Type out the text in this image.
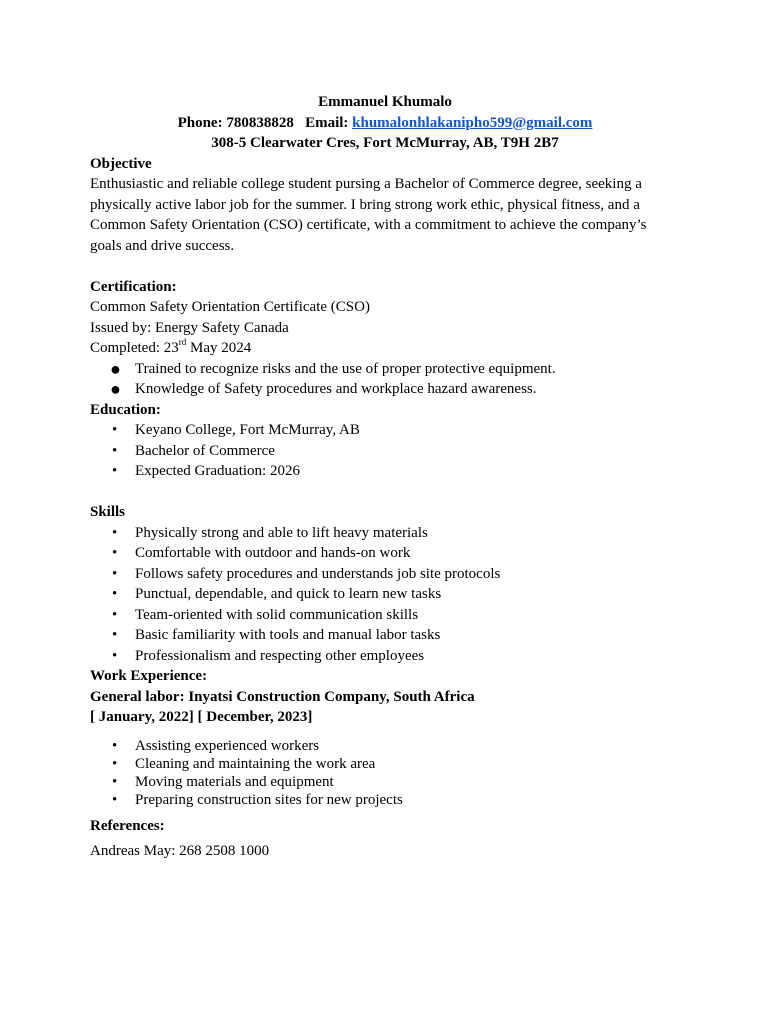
Emmanuel Khumalo

Phone: 780838828 Email: khumalonhlakanipho599@gmail.com

308-5 Clearwater Cres, Fort McMurray, AB, T9H 2B7

Objective

Enthusiastic and reliable college student pursing a Bachelor of Commerce degree, seeking a physically active labor job for the summer. I bring strong work ethic, physical fitness, and a Common Safety Orientation (CSO) certificate, with a commitment to achieve the company’s goals and drive success.

Certification:

Common Safety Orientation Certificate (CSO)

Issued by: Energy Safety Canada

Completed: 23rd May 2024

● Trained to recognize risks and the use of proper protective equipment.
● Knowledge of Safety procedures and workplace hazard awareness.

Education:

• Keyano College, Fort McMurray, AB
• Bachelor of Commerce
• Expected Graduation: 2026

Skills

• Physically strong and able to lift heavy materials
• Comfortable with outdoor and hands-on work
• Follows safety procedures and understands job site protocols
• Punctual, dependable, and quick to learn new tasks
• Team-oriented with solid communication skills
• Basic familiarity with tools and manual labor tasks
• Professionalism and respecting other employees

Work Experience:

General labor: Inyatsi Construction Company, South Africa

[ January, 2022] [ December, 2023]

• Assisting experienced workers
• Cleaning and maintaining the work area
• Moving materials and equipment
• Preparing construction sites for new projects

References:

Andreas May: 268 2508 1000
